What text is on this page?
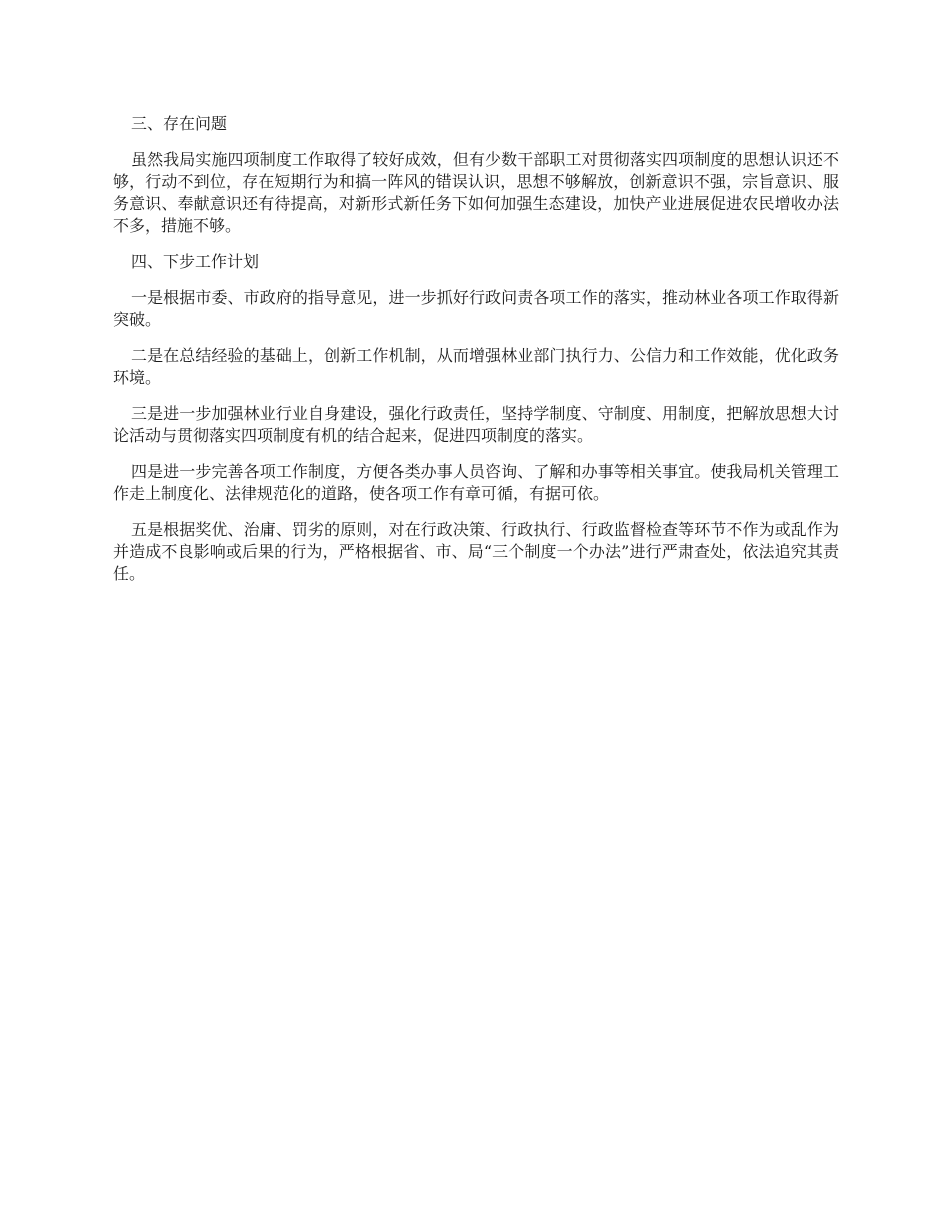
三、存在问题

虽然我局实施四项制度工作取得了较好成效，但有少数干部职工对贯彻落实四项制度的思想认识还不够，行动不到位，存在短期行为和搞一阵风的错误认识，思想不够解放，创新意识不强，宗旨意识、服务意识、奉献意识还有待提高，对新形式新任务下如何加强生态建设，加快产业进展促进农民增收办法不多，措施不够。

四、下步工作计划

一是根据市委、市政府的指导意见，进一步抓好行政问责各项工作的落实，推动林业各项工作取得新突破。

二是在总结经验的基础上，创新工作机制，从而增强林业部门执行力、公信力和工作效能，优化政务环境。

三是进一步加强林业行业自身建设，强化行政责任，坚持学制度、守制度、用制度，把解放思想大讨论活动与贯彻落实四项制度有机的结合起来，促进四项制度的落实。

四是进一步完善各项工作制度，方便各类办事人员咨询、了解和办事等相关事宜。使我局机关管理工作走上制度化、法律规范化的道路，使各项工作有章可循，有据可依。

五是根据奖优、治庸、罚劣的原则，对在行政决策、行政执行、行政监督检查等环节不作为或乱作为并造成不良影响或后果的行为，严格根据省、市、局“三个制度一个办法”进行严肃查处，依法追究其责任。
